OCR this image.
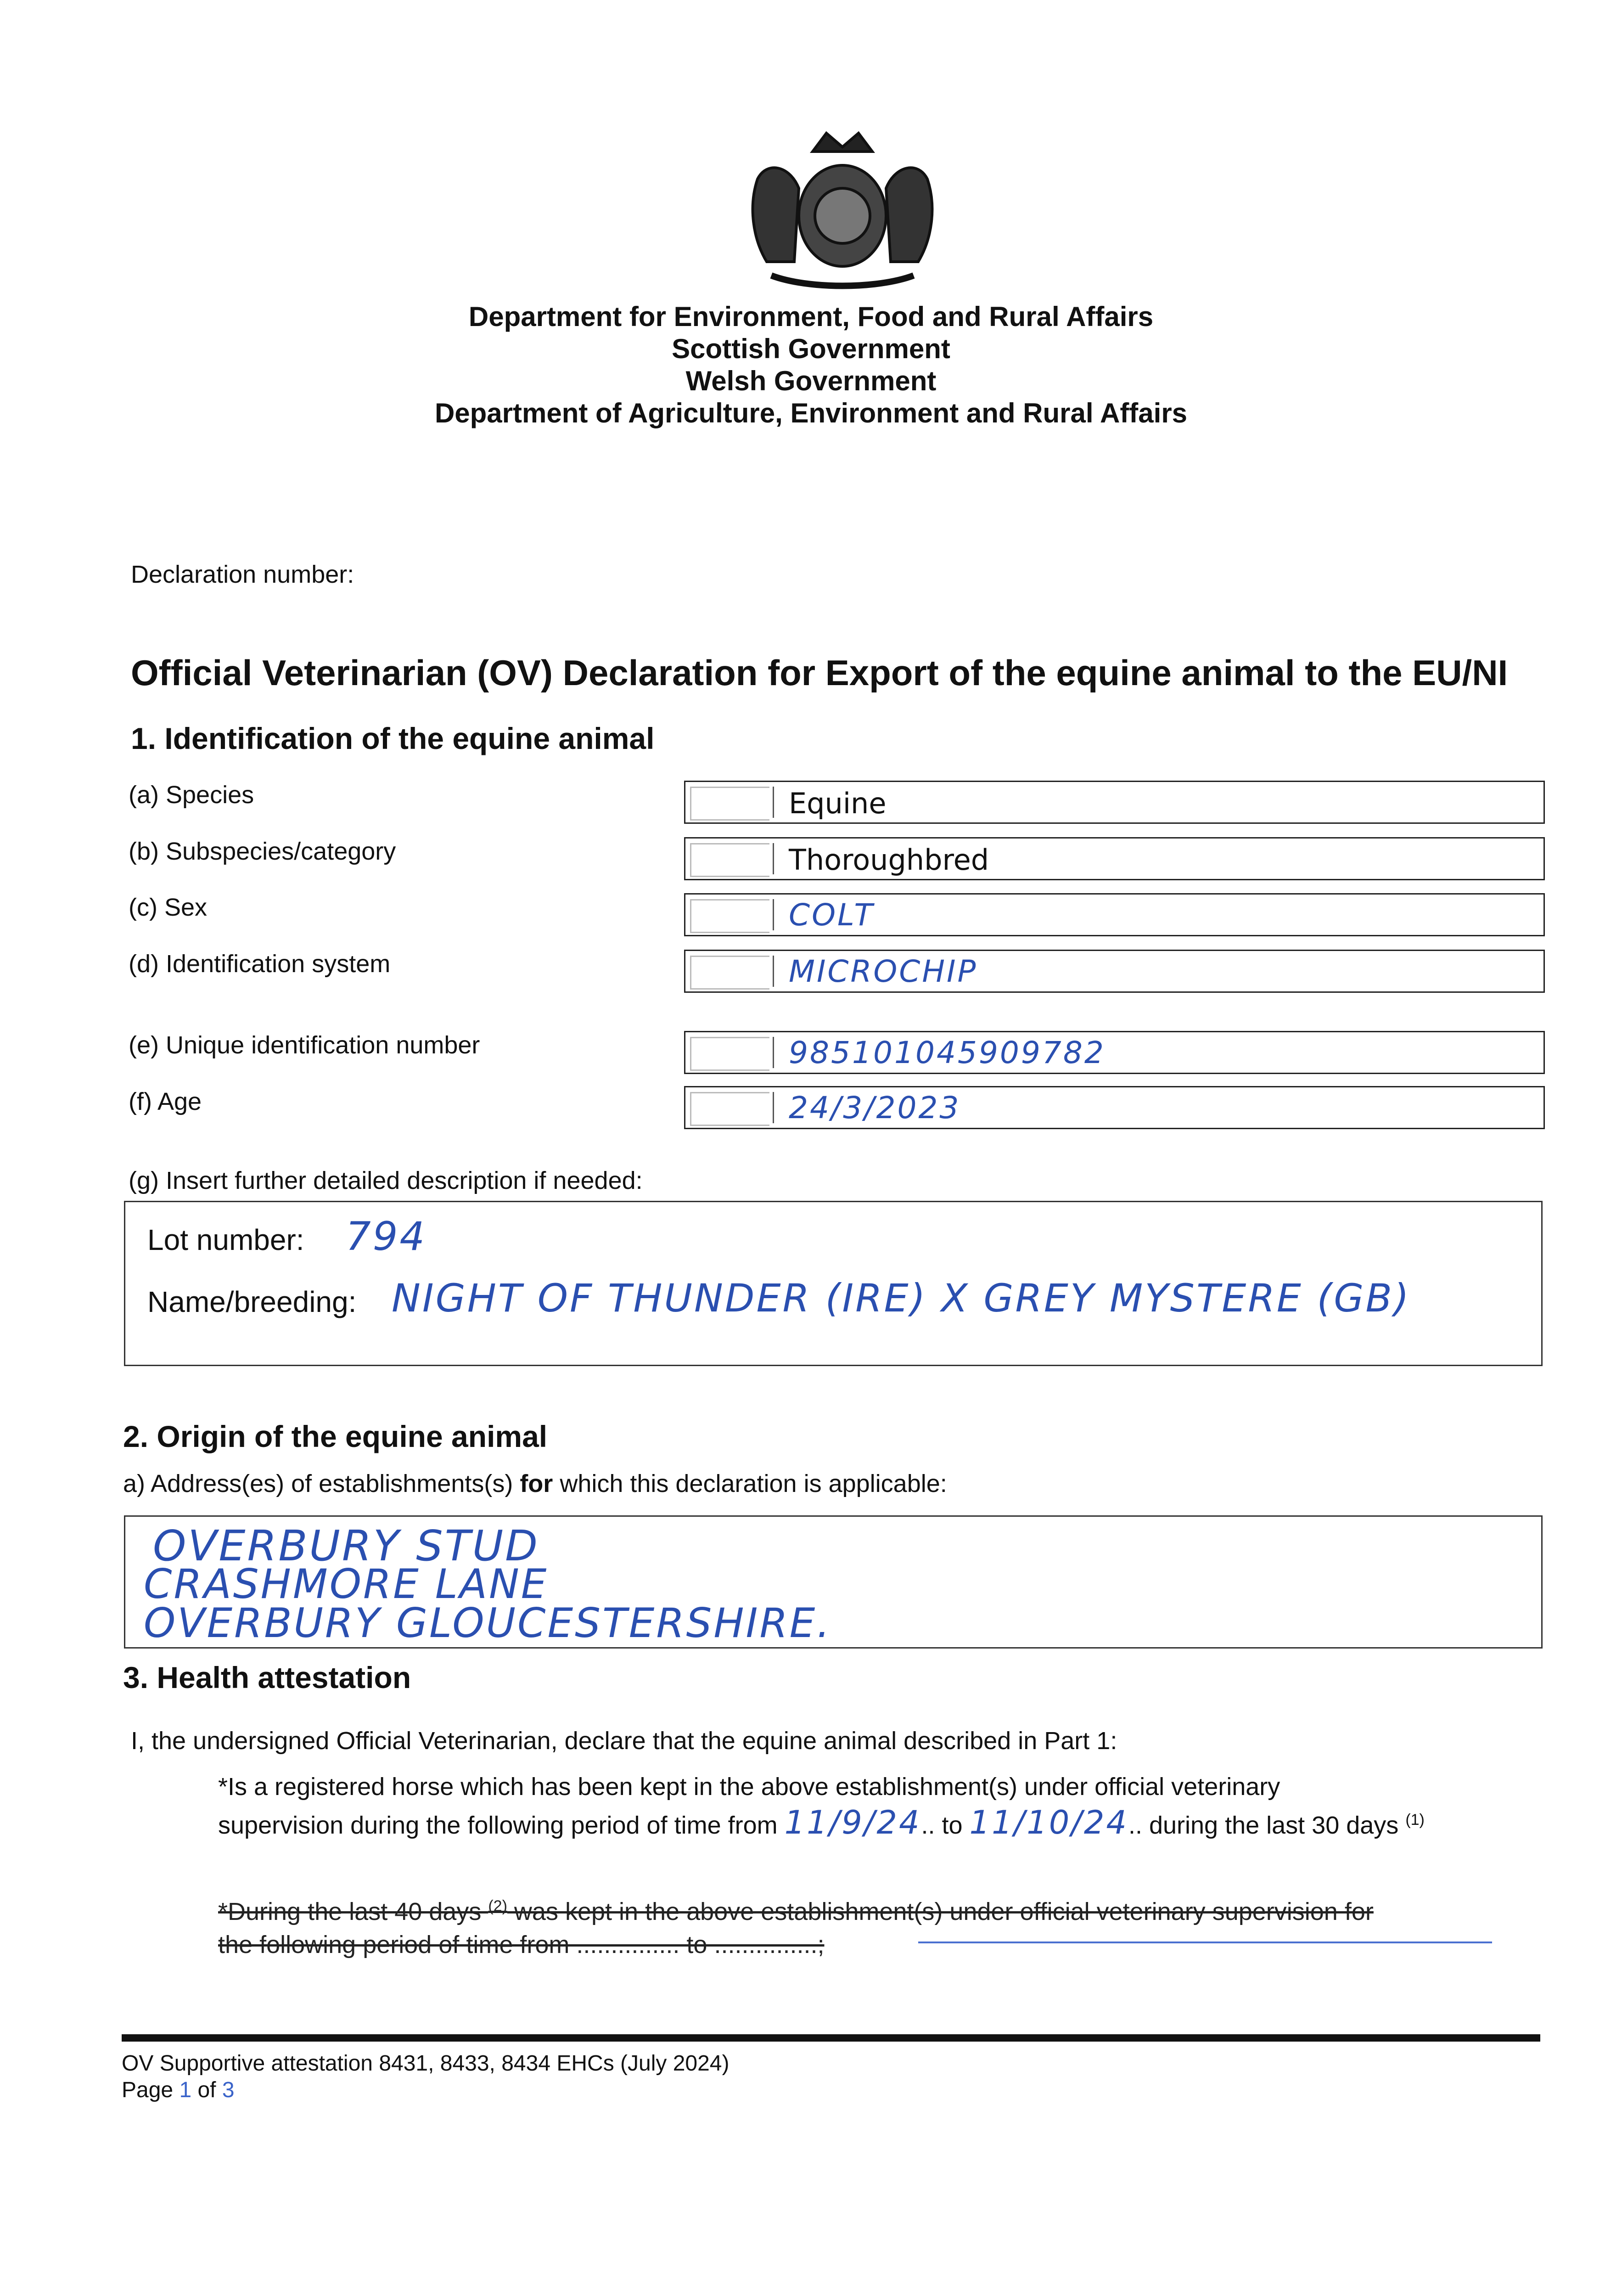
Department for Environment, Food and Rural Affairs
Scottish Government
Welsh Government
Department of Agriculture, Environment and Rural Affairs
Declaration number:
Official Veterinarian (OV) Declaration for Export of the equine animal to the EU/NI
1. Identification of the equine animal
(a) Species	Equine
(b) Subspecies/category	Thoroughbred
(c) Sex	COLT
(d) Identification system	MICROCHIP
(e) Unique identification number	985101045909782
(f) Age	24/3/2023
(g) Insert further detailed description if needed:
Lot number: 794
Name/breeding: NIGHT OF THUNDER (IRE) X GREY MYSTERE (GB)
2. Origin of the equine animal
a) Address(es) of establishments(s) for which this declaration is applicable:
OVERBURY STUD
CRASHMORE LANE
OVERBURY GLOUCESTERSHIRE.
3. Health attestation
I, the undersigned Official Veterinarian, declare that the equine animal described in Part 1:
*Is a registered horse which has been kept in the above establishment(s) under official veterinary
supervision during the following period of time from 11/9/24.. to 11/10/24.. during the last 30 days $^{(1)}$
*During the last 40 days $^{(2)}$ was kept in the above establishment(s) under official veterinary supervision for
the following period of time from ............... to ...............;
OV Supportive attestation 8431, 8433, 8434 EHCs (July 2024)
Page 1 of 3
